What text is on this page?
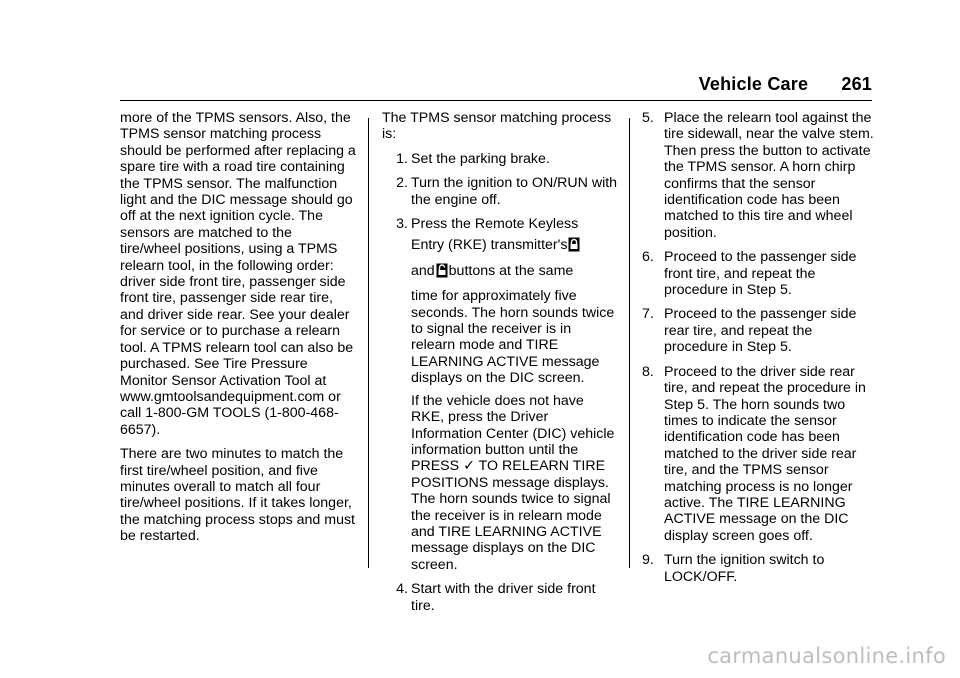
Vehicle Care 261

more of the TPMS sensors. Also, the TPMS sensor matching process should be performed after replacing a spare tire with a road tire containing the TPMS sensor. The malfunction light and the DIC message should go off at the next ignition cycle. The sensors are matched to the tire/wheel positions, using a TPMS relearn tool, in the following order: driver side front tire, passenger side front tire, passenger side rear tire, and driver side rear. See your dealer for service or to purchase a relearn tool. A TPMS relearn tool can also be purchased. See Tire Pressure Monitor Sensor Activation Tool at www.gmtoolsandequipment.com or call 1-800-GM TOOLS (1-800-468-6657).

There are two minutes to match the first tire/wheel position, and five minutes overall to match all four tire/wheel positions. If it takes longer, the matching process stops and must be restarted.

The TPMS sensor matching process is:

1. Set the parking brake.
2. Turn the ignition to ON/RUN with the engine off.
3. Press the Remote Keyless
Entry (RKE) transmitter's
and buttons at the same
time for approximately five seconds. The horn sounds twice to signal the receiver is in relearn mode and TIRE LEARNING ACTIVE message displays on the DIC screen.
If the vehicle does not have RKE, press the Driver Information Center (DIC) vehicle information button until the PRESS ✓ TO RELEARN TIRE POSITIONS message displays. The horn sounds twice to signal the receiver is in relearn mode and TIRE LEARNING ACTIVE message displays on the DIC screen.
4. Start with the driver side front tire.
5. Place the relearn tool against the tire sidewall, near the valve stem. Then press the button to activate the TPMS sensor. A horn chirp confirms that the sensor identification code has been matched to this tire and wheel position.
6. Proceed to the passenger side front tire, and repeat the procedure in Step 5.
7. Proceed to the passenger side rear tire, and repeat the procedure in Step 5.
8. Proceed to the driver side rear tire, and repeat the procedure in Step 5. The horn sounds two times to indicate the sensor identification code has been matched to the driver side rear tire, and the TPMS sensor matching process is no longer active. The TIRE LEARNING ACTIVE message on the DIC display screen goes off.
9. Turn the ignition switch to LOCK/OFF.
carmanualsonline.info
